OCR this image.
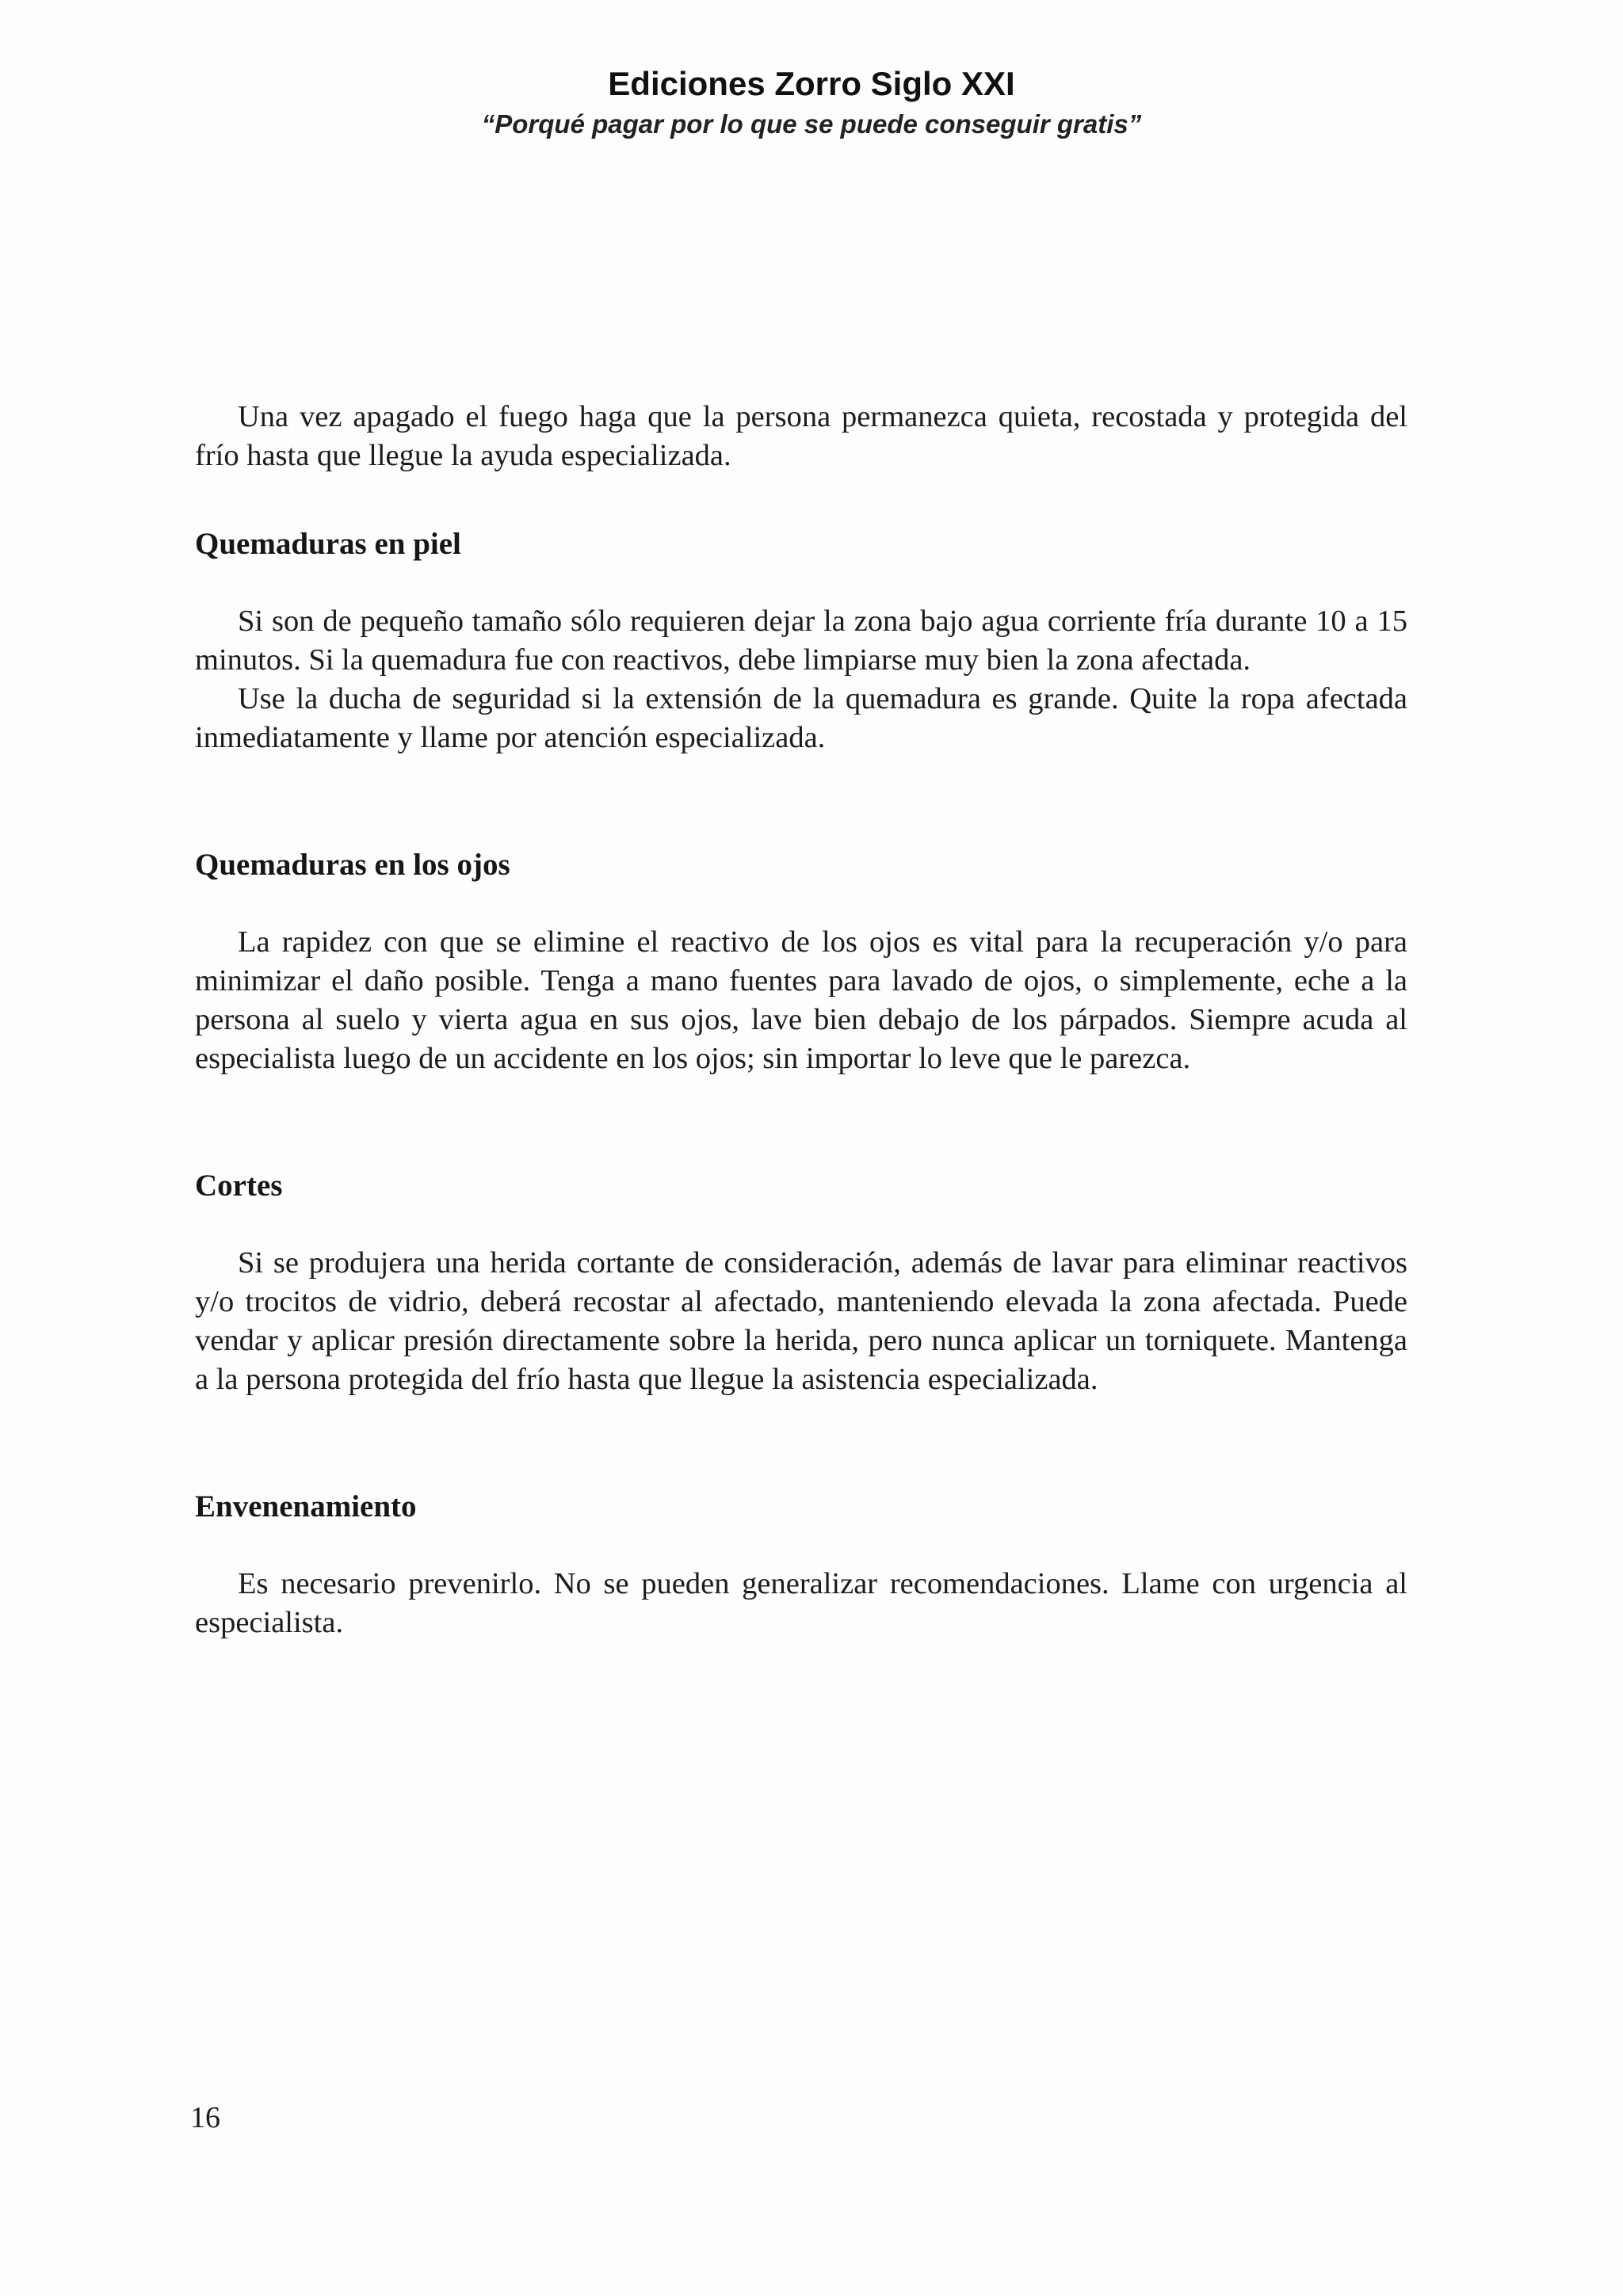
Ediciones Zorro Siglo XXI
“Porqué pagar por lo que se puede conseguir gratis”

Una vez apagado el fuego haga que la persona permanezca quieta, recostada y protegida del frío hasta que llegue la ayuda especializada.

Quemaduras en piel

Si son de pequeño tamaño sólo requieren dejar la zona bajo agua corriente fría durante 10 a 15 minutos. Si la quemadura fue con reactivos, debe limpiarse muy bien la zona afectada.

Use la ducha de seguridad si la extensión de la quemadura es grande. Quite la ropa afectada inmediatamente y llame por atención especializada.

Quemaduras en los ojos

La rapidez con que se elimine el reactivo de los ojos es vital para la recuperación y/o para minimizar el daño posible. Tenga a mano fuentes para lavado de ojos, o simplemente, eche a la persona al suelo y vierta agua en sus ojos, lave bien debajo de los párpados. Siempre acuda al especialista luego de un accidente en los ojos; sin importar lo leve que le parezca.

Cortes

Si se produjera una herida cortante de consideración, además de lavar para eliminar reactivos y/o trocitos de vidrio, deberá recostar al afectado, manteniendo elevada la zona afectada. Puede vendar y aplicar presión directamente sobre la herida, pero nunca aplicar un torniquete. Mantenga a la persona protegida del frío hasta que llegue la asistencia especializada.

Envenenamiento

Es necesario prevenirlo. No se pueden generalizar recomendaciones. Llame con urgencia al especialista.

16
